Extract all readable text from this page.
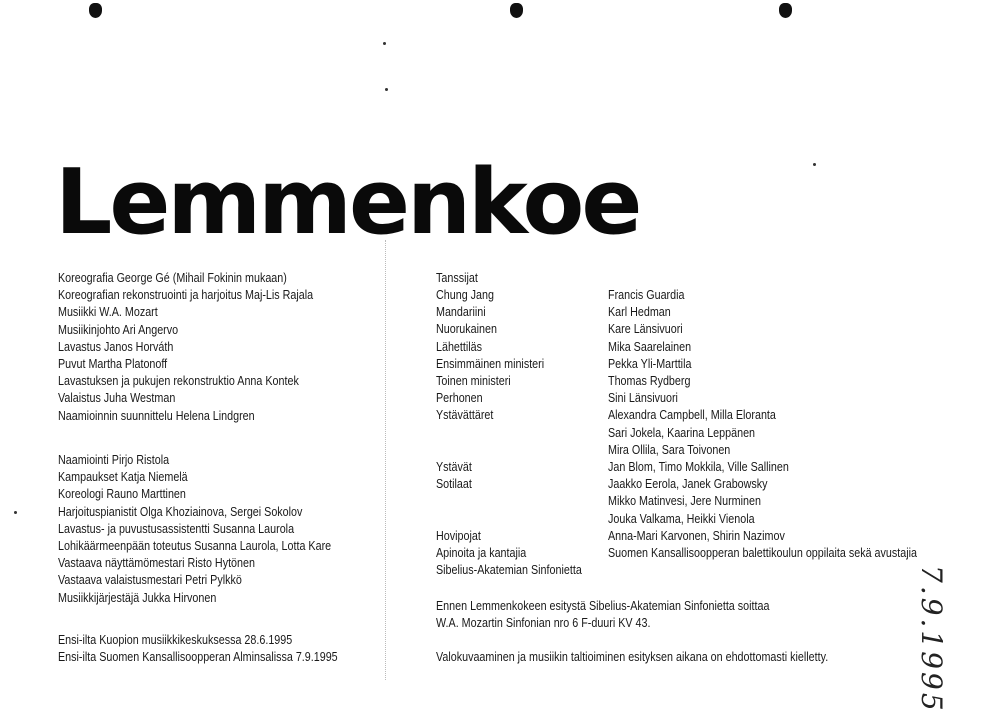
Lemmenkoe
Koreografia George Gé (Mihail Fokinin mukaan)
Koreografian rekonstruointi ja harjoitus Maj-Lis Rajala
Musiikki W.A. Mozart
Musiikinjohto Ari Angervo
Lavastus Janos Horváth
Puvut Martha Platonoff
Lavastuksen ja pukujen rekonstruktio Anna Kontek
Valaistus Juha Westman
Naamioinnin suunnittelu Helena Lindgren
Naamiointi Pirjo Ristola
Kampaukset Katja Niemelä
Koreologi Rauno Marttinen
Harjoituspianistit Olga Khoziainova, Sergei Sokolov
Lavastus- ja puvustusassistentti Susanna Laurola
Lohikäärmeenpään toteutus Susanna Laurola, Lotta Kare
Vastaava näyttämömestari Risto Hytönen
Vastaava valaistusmestari Petri Pylkkö
Musiikkijärjestäjä Jukka Hirvonen
Ensi-ilta Kuopion musiikkikeskuksessa 28.6.1995
Ensi-ilta Suomen Kansallisoopperan Alminsalissa 7.9.1995
Tanssijat
Chung Jang	Francis Guardia
Mandariini	Karl Hedman
Nuorukainen	Kare Länsivuori
Lähettiläs	Mika Saarelainen
Ensimmäinen ministeri	Pekka Yli-Marttila
Toinen ministeri	Thomas Rydberg
Perhonen	Sini Länsivuori
Ystävättäret	Alexandra Campbell, Milla Eloranta
Sari Jokela, Kaarina Leppänen
Mira Ollila, Sara Toivonen
Ystävät	Jan Blom, Timo Mokkila, Ville Sallinen
Sotilaat	Jaakko Eerola, Janek Grabowsky
Mikko Matinvesi, Jere Nurminen
Jouka Valkama, Heikki Vienola
Hovipojat	Anna-Mari Karvonen, Shirin Nazimov
Apinoita ja kantajia	Suomen Kansallisoopperan balettikoulun oppilaita sekä avustajia
Sibelius-Akatemian Sinfonietta

Ennen Lemmenkokeen esitystä Sibelius-Akatemian Sinfonietta soittaa
W.A. Mozartin Sinfonian nro 6 F-duuri KV 43.

Valokuvaaminen ja musiikin taltioiminen esityksen aikana on ehdottomasti kielletty.	7.9.1995
